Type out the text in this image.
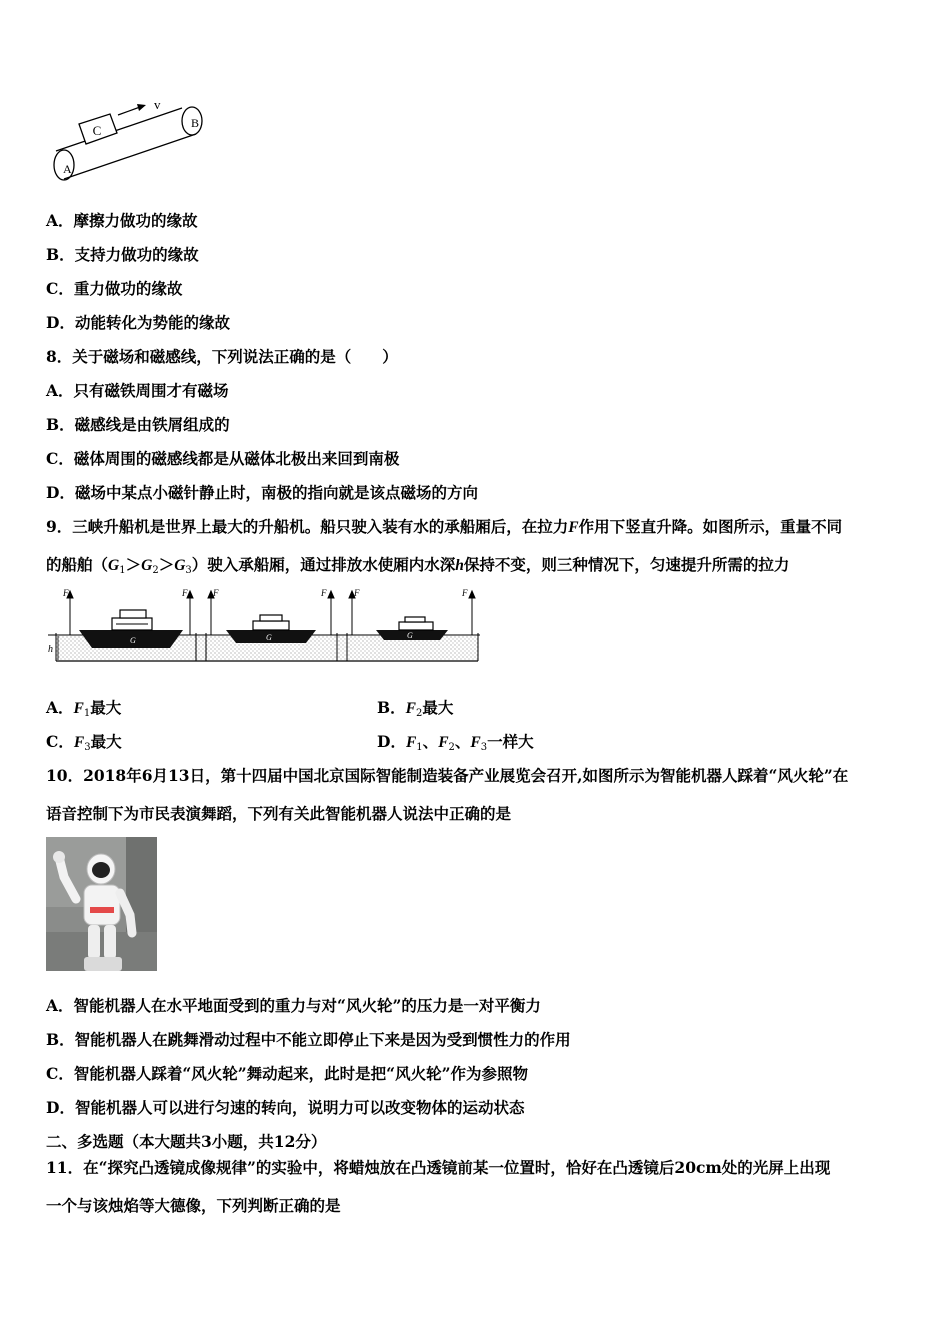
C
v
A
B
A．摩擦力做功的缘故
B．支持力做功的缘故
C．重力做功的缘故
D．动能转化为势能的缘故
8．关于磁场和磁感线，下列说法正确的是（　　）
A．只有磁铁周围才有磁场
B．磁感线是由铁屑组成的
C．磁体周围的磁感线都是从磁体北极出来回到南极
D．磁场中某点小磁针静止时，南极的指向就是该点磁场的方向
9．三峡升船机是世界上最大的升船机。船只驶入装有水的承船厢后，在拉力F作用下竖直升降。如图所示，重量不同
的船舶$(G_1>G_2>G_3)$驶入承船厢，通过排放水使厢内水深h保持不变，则三种情况下，匀速提升所需的拉力
h
F	F	F	F	F	F
G	G	G
A．$F_1$最大	B．$F_2$最大
C．$F_3$最大	D．$F_1$、$F_2$、$F_3$一样大
10．2018年6月13日，第十四届中国北京国际智能制造装备产业展览会召开,如图所示为智能机器人踩着“风火轮”在
语音控制下为市民表演舞蹈，下列有关此智能机器人说法中正确的是
A．智能机器人在水平地面受到的重力与对“风火轮”的压力是一对平衡力
B．智能机器人在跳舞滑动过程中不能立即停止下来是因为受到惯性力的作用
C．智能机器人踩着“风火轮”舞动起来，此时是把“风火轮”作为参照物
D．智能机器人可以进行匀速的转向，说明力可以改变物体的运动状态
二、多选题（本大题共3小题，共12分）
11．在“探究凸透镜成像规律”的实验中，将蜡烛放在凸透镜前某一位置时，恰好在凸透镜后20cm处的光屏上出现
一个与该烛焰等大德像，下列判断正确的是
